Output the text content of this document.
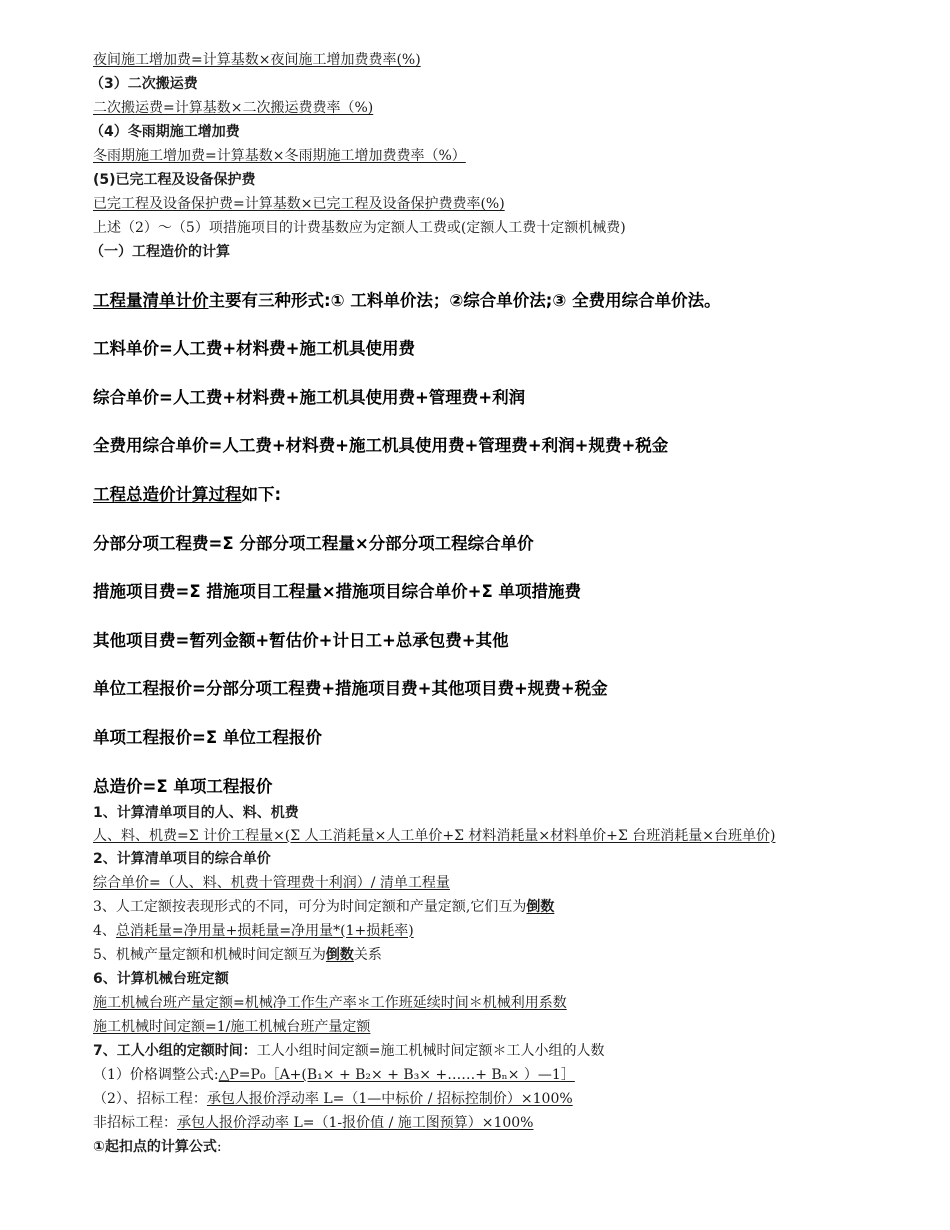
夜间施工增加费=计算基数×夜间施工增加费费率(%)
（3）二次搬运费
二次搬运费=计算基数×二次搬运费费率（%)
（4）冬雨期施工增加费
冬雨期施工增加费=计算基数×冬雨期施工增加费费率（%）
(5)已完工程及设备保护费
已完工程及设备保护费=计算基数×已完工程及设备保护费费率(%)
上述（2）～（5）项措施项目的计费基数应为定额人工费或(定额人工费十定额机械费)
（一）工程造价的计算
工程量清单计价主要有三种形式:① 工料单价法；②综合单价法;③ 全费用综合单价法。
工料单价=人工费+材料费+施工机具使用费
综合单价=人工费+材料费+施工机具使用费+管理费+利润
全费用综合单价=人工费+材料费+施工机具使用费+管理费+利润+规费+税金
工程总造价计算过程如下:
分部分项工程费=Σ 分部分项工程量×分部分项工程综合单价
措施项目费=Σ 措施项目工程量×措施项目综合单价+Σ 单项措施费
其他项目费=暂列金额+暂估价+计日工+总承包费+其他
单位工程报价=分部分项工程费+措施项目费+其他项目费+规费+税金
单项工程报价=Σ 单位工程报价
总造价=Σ 单项工程报价
1、计算清单项目的人、料、机费
人、料、机费=Σ 计价工程量×(Σ 人工消耗量×人工单价+Σ 材料消耗量×材料单价+Σ 台班消耗量×台班单价)
2、计算清单项目的综合单价
综合单价=（人、料、机费十管理费十利润）/ 清单工程量
3、人工定额按表现形式的不同，可分为时间定额和产量定额,它们互为倒数
4、总消耗量=净用量+损耗量=净用量*(1+损耗率)
5、机械产量定额和机械时间定额互为倒数关系
6、计算机械台班定额
施工机械台班产量定额=机械净工作生产率＊工作班延续时间＊机械利用系数
施工机械时间定额=1/施工机械台班产量定额
7、工人小组的定额时间：工人小组时间定额=施工机械时间定额＊工人小组的人数
（1）价格调整公式:△P=P₀［A+(B₁× + B₂× + B₃× +……+ Bₙ× ）—1］
（2）、招标工程：承包人报价浮动率 L=（1—中标价 / 招标控制价）×100%
非招标工程：承包人报价浮动率 L=（1-报价值 / 施工图预算）×100%
①起扣点的计算公式:
